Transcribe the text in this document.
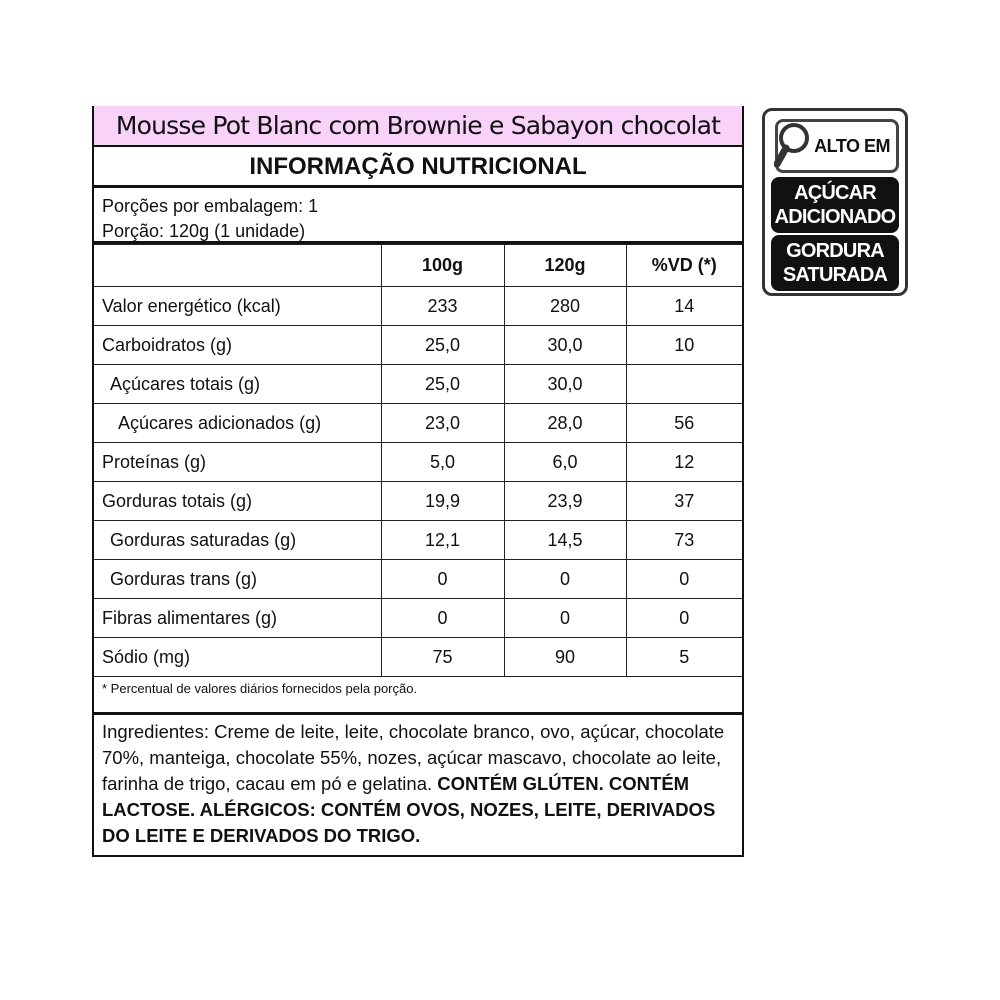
Mousse Pot Blanc com Brownie e Sabayon chocolat
INFORMAÇÃO NUTRICIONAL
Porções por embalagem: 1
Porção: 120g (1 unidade)
	100g	120g	%VD (*)
Valor energético (kcal)	233	280	14
Carboidratos (g)	25,0	30,0	10
Açúcares totais (g)	25,0	30,0	
Açúcares adicionados (g)	23,0	28,0	56
Proteínas (g)	5,0	6,0	12
Gorduras totais (g)	19,9	23,9	37
Gorduras saturadas (g)	12,1	14,5	73
Gorduras trans (g)	0	0	0
Fibras alimentares (g)	0	0	0
Sódio (mg)	75	90	5
* Percentual de valores diários fornecidos pela porção.
Ingredientes: Creme de leite, leite, chocolate branco, ovo, açúcar, chocolate 70%, manteiga, chocolate 55%, nozes, açúcar mascavo, chocolate ao leite, farinha de trigo, cacau em pó e gelatina. CONTÉM GLÚTEN. CONTÉM LACTOSE. ALÉRGICOS: CONTÉM OVOS, NOZES, LEITE, DERIVADOS DO LEITE E DERIVADOS DO TRIGO.
ALTO EM
AÇÚCAR
ADICIONADO
GORDURA
SATURADA
